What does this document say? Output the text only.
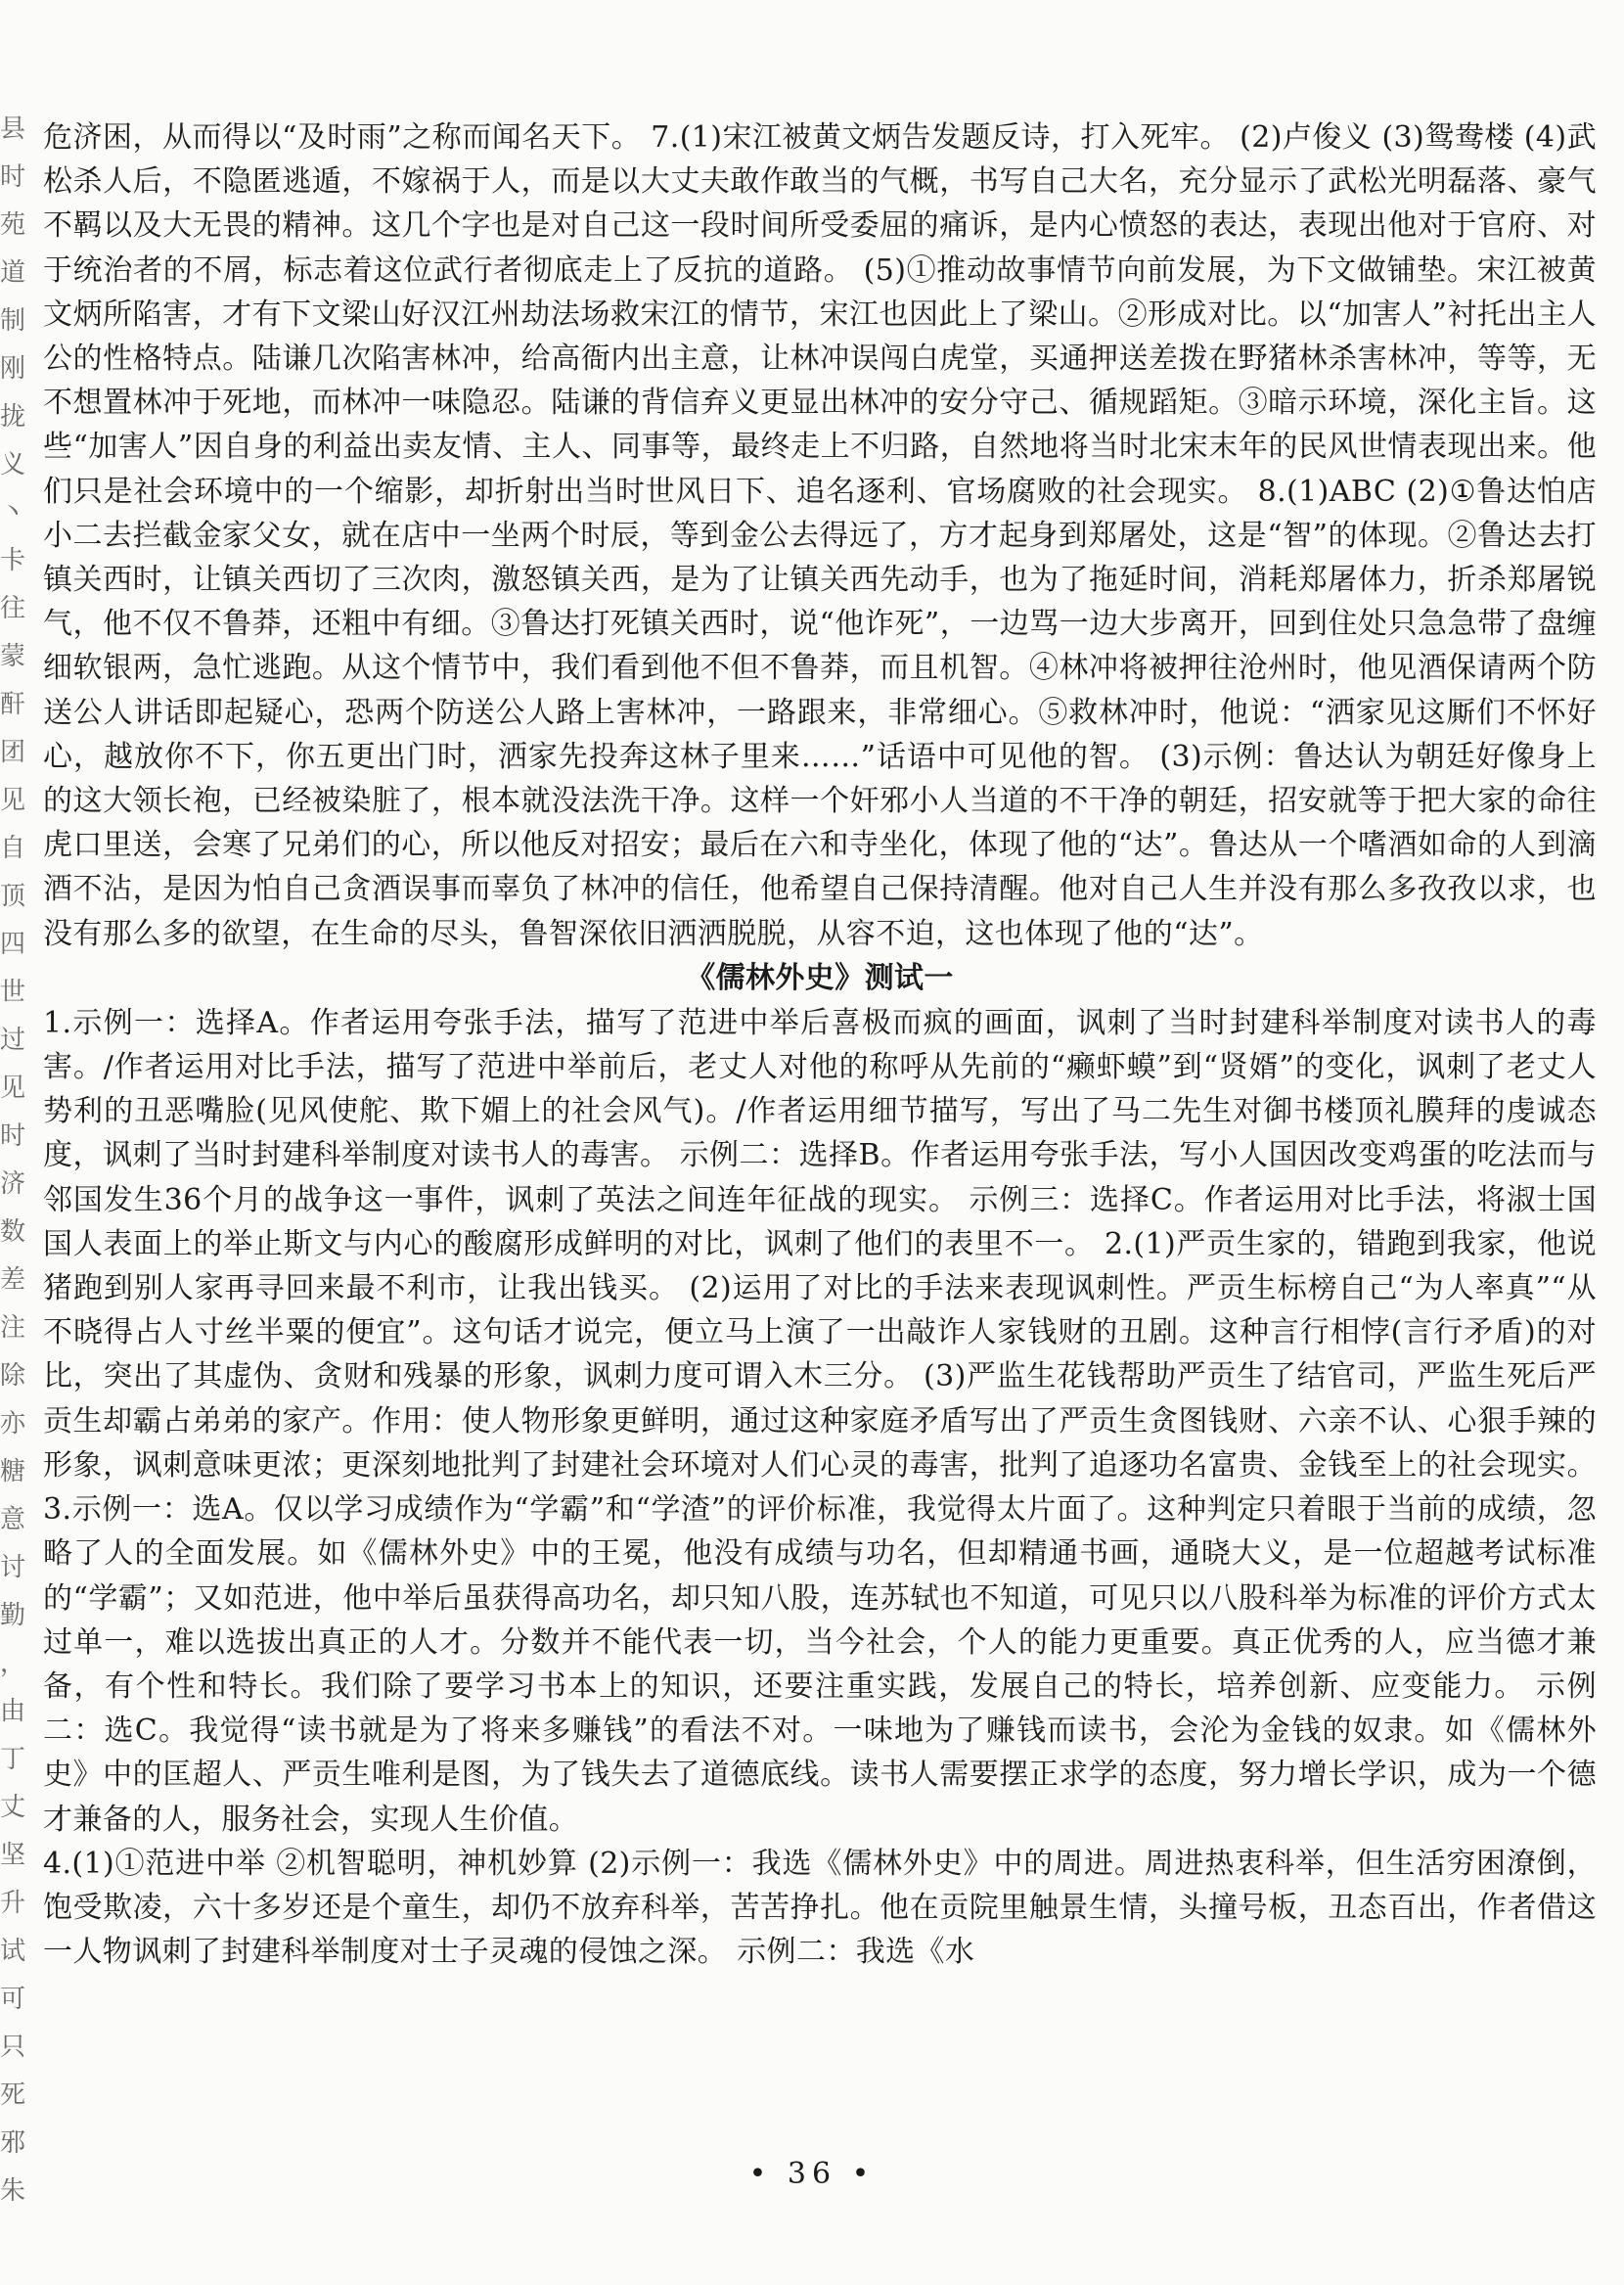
县时苑道制刚拢义丶卡往 蒙酐 团见自顶四世过见时济数差注除亦糖意讨勤 ，由丁 丈 坚升 试可 只死邪 朱

危济困，从而得以“及时雨”之称而闻名天下。 7.(1)宋江被黄文炳告发题反诗，打入死牢。 (2)卢俊义 (3)鸳鸯楼 (4)武松杀人后，不隐匿逃遁，不嫁祸于人，而是以大丈夫敢作敢当的气概，书写自己大名，充分显示了武松光明磊落、豪气不羁以及大无畏的精神。这几个字也是对自己这一段时间所受委屈的痛诉，是内心愤怒的表达，表现出他对于官府、对于统治者的不屑，标志着这位武行者彻底走上了反抗的道路。 (5)①推动故事情节向前发展，为下文做铺垫。宋江被黄文炳所陷害，才有下文梁山好汉江州劫法场救宋江的情节，宋江也因此上了梁山。②形成对比。以“加害人”衬托出主人公的性格特点。陆谦几次陷害林冲，给高衙内出主意，让林冲误闯白虎堂，买通押送差拨在野猪林杀害林冲，等等，无不想置林冲于死地，而林冲一味隐忍。陆谦的背信弃义更显出林冲的安分守己、循规蹈矩。③暗示环境，深化主旨。这些“加害人”因自身的利益出卖友情、主人、同事等，最终走上不归路，自然地将当时北宋末年的民风世情表现出来。他们只是社会环境中的一个缩影，却折射出当时世风日下、追名逐利、官场腐败的社会现实。 8.(1)ABC (2)①鲁达怕店小二去拦截金家父女，就在店中一坐两个时辰，等到金公去得远了，方才起身到郑屠处，这是“智”的体现。②鲁达去打镇关西时，让镇关西切了三次肉，激怒镇关西，是为了让镇关西先动手，也为了拖延时间，消耗郑屠体力，折杀郑屠锐气，他不仅不鲁莽，还粗中有细。③鲁达打死镇关西时，说“他诈死”，一边骂一边大步离开，回到住处只急急带了盘缠细软银两，急忙逃跑。从这个情节中，我们看到他不但不鲁莽，而且机智。④林冲将被押往沧州时，他见酒保请两个防送公人讲话即起疑心，恐两个防送公人路上害林冲，一路跟来，非常细心。⑤救林冲时，他说：“洒家见这厮们不怀好心，越放你不下，你五更出门时，洒家先投奔这林子里来……”话语中可见他的智。 (3)示例：鲁达认为朝廷好像身上的这大领长袍，已经被染脏了，根本就没法洗干净。这样一个奸邪小人当道的不干净的朝廷，招安就等于把大家的命往虎口里送，会寒了兄弟们的心，所以他反对招安；最后在六和寺坐化，体现了他的“达”。鲁达从一个嗜酒如命的人到滴酒不沾，是因为怕自己贪酒误事而辜负了林冲的信任，他希望自己保持清醒。他对自己人生并没有那么多孜孜以求，也没有那么多的欲望，在生命的尽头，鲁智深依旧洒洒脱脱，从容不迫，这也体现了他的“达”。

《儒林外史》测试一

1.示例一：选择A。作者运用夸张手法，描写了范进中举后喜极而疯的画面，讽刺了当时封建科举制度对读书人的毒害。/作者运用对比手法，描写了范进中举前后，老丈人对他的称呼从先前的“癞虾蟆”到“贤婿”的变化，讽刺了老丈人势利的丑恶嘴脸(见风使舵、欺下媚上的社会风气)。/作者运用细节描写，写出了马二先生对御书楼顶礼膜拜的虔诚态度，讽刺了当时封建科举制度对读书人的毒害。 示例二：选择B。作者运用夸张手法，写小人国因改变鸡蛋的吃法而与邻国发生36个月的战争这一事件，讽刺了英法之间连年征战的现实。 示例三：选择C。作者运用对比手法，将淑士国国人表面上的举止斯文与内心的酸腐形成鲜明的对比，讽刺了他们的表里不一。 2.(1)严贡生家的，错跑到我家，他说猪跑到别人家再寻回来最不利市，让我出钱买。 (2)运用了对比的手法来表现讽刺性。严贡生标榜自己“为人率真”“从不晓得占人寸丝半粟的便宜”。这句话才说完，便立马上演了一出敲诈人家钱财的丑剧。这种言行相悖(言行矛盾)的对比，突出了其虚伪、贪财和残暴的形象，讽刺力度可谓入木三分。 (3)严监生花钱帮助严贡生了结官司，严监生死后严贡生却霸占弟弟的家产。作用：使人物形象更鲜明，通过这种家庭矛盾写出了严贡生贪图钱财、六亲不认、心狠手辣的形象，讽刺意味更浓；更深刻地批判了封建社会环境对人们心灵的毒害，批判了追逐功名富贵、金钱至上的社会现实。 3.示例一：选A。仅以学习成绩作为“学霸”和“学渣”的评价标准，我觉得太片面了。这种判定只着眼于当前的成绩，忽略了人的全面发展。如《儒林外史》中的王冕，他没有成绩与功名，但却精通书画，通晓大义，是一位超越考试标准的“学霸”；又如范进，他中举后虽获得高功名，却只知八股，连苏轼也不知道，可见只以八股科举为标准的评价方式太过单一，难以选拔出真正的人才。分数并不能代表一切，当今社会，个人的能力更重要。真正优秀的人，应当德才兼备，有个性和特长。我们除了要学习书本上的知识，还要注重实践，发展自己的特长，培养创新、应变能力。 示例二：选C。我觉得“读书就是为了将来多赚钱”的看法不对。一味地为了赚钱而读书，会沦为金钱的奴隶。如《儒林外史》中的匡超人、严贡生唯利是图，为了钱失去了道德底线。读书人需要摆正求学的态度，努力增长学识，成为一个德才兼备的人，服务社会，实现人生价值。

4.(1)①范进中举 ②机智聪明，神机妙算 (2)示例一：我选《儒林外史》中的周进。周进热衷科举，但生活穷困潦倒，饱受欺凌，六十多岁还是个童生，却仍不放弃科举，苦苦挣扎。他在贡院里触景生情，头撞号板，丑态百出，作者借这一人物讽刺了封建科举制度对士子灵魂的侵蚀之深。 示例二：我选《水

• 36 •
